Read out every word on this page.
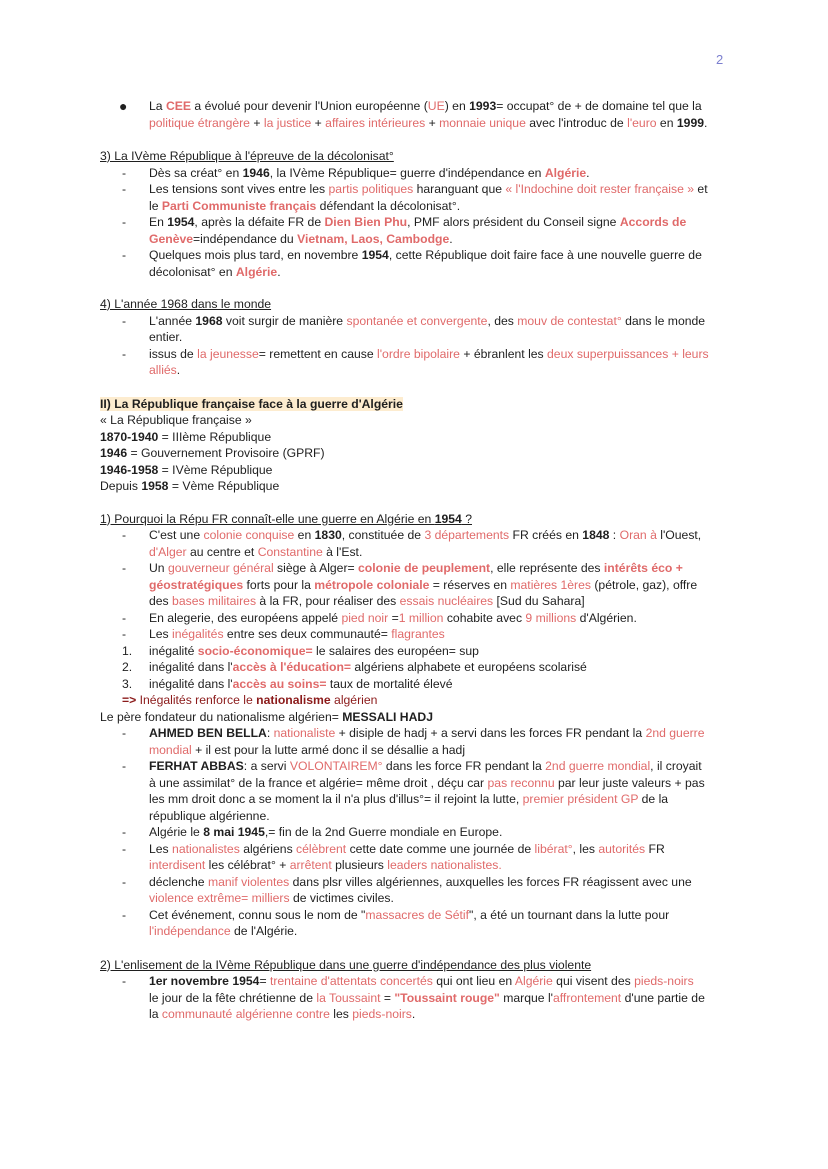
2
● La CEE a évolué pour devenir l'Union européenne (UE) en 1993= occupat° de + de domaine tel que la

politique étrangère + la justice + affaires intérieures + monnaie unique avec l'introduc de l'euro en 1999.

3) La IVème République à l'épreuve de la décolonisat°

- Dès sa créat° en 1946, la IVème République= guerre d'indépendance en Algérie.

- Les tensions sont vives entre les partis politiques haranguant que « l'Indochine doit rester française » et

le Parti Communiste français défendant la décolonisat°.

- En 1954, après la défaite FR de Dien Bien Phu, PMF alors président du Conseil signe Accords de

Genève=indépendance du Vietnam, Laos, Cambodge.

- Quelques mois plus tard, en novembre 1954, cette République doit faire face à une nouvelle guerre de

décolonisat° en Algérie.

4) L'année 1968 dans le monde

- L'année 1968 voit surgir de manière spontanée et convergente, des mouv de contestat° dans le monde

entier.

- issus de la jeunesse= remettent en cause l'ordre bipolaire + ébranlent les deux superpuissances + leurs

alliés.

II) La République française face à la guerre d'Algérie

« La République française »

1870-1940 = IIIème République

1946 = Gouvernement Provisoire (GPRF)

1946-1958 = IVème République

Depuis 1958 = Vème République

1) Pourquoi la Répu FR connaît-elle une guerre en Algérie en 1954 ?

- C'est une colonie conquise en 1830, constituée de 3 départements FR créés en 1848 : Oran à l'Ouest,

d'Alger au centre et Constantine à l'Est.

- Un gouverneur général siège à Alger= colonie de peuplement, elle représente des intérêts éco +

géostratégiques forts pour la métropole coloniale = réserves en matières 1ères (pétrole, gaz), offre

des bases militaires à la FR, pour réaliser des essais nucléaires [Sud du Sahara]

- En alegerie, des européens appelé pied noir =1 million cohabite avec 9 millions d'Algérien.

- Les inégalités entre ses deux communauté= flagrantes

1. inégalité socio-économique= le salaires des européen= sup

2. inégalité dans l'accès à l'éducation= algériens alphabete et européens scolarisé

3. inégalité dans l'accès au soins= taux de mortalité élevé

=> Inégalités renforce le nationalisme algérien

Le père fondateur du nationalisme algérien= MESSALI HADJ

- AHMED BEN BELLA: nationaliste + disiple de hadj + a servi dans les forces FR pendant la 2nd guerre

mondial + il est pour la lutte armé donc il se désallie a hadj

- FERHAT ABBAS: a servi VOLONTAIREM° dans les force FR pendant la 2nd guerre mondial, il croyait

à une assimilat° de la france et algérie= même droit , déçu car pas reconnu par leur juste valeurs + pas

les mm droit donc a se moment la il n'a plus d'illus°= il rejoint la lutte, premier président GP de la

république algérienne.

- Algérie le 8 mai 1945,= fin de la 2nd Guerre mondiale en Europe.

- Les nationalistes algériens célèbrent cette date comme une journée de libérat°, les autorités FR

interdisent les célébrat° + arrêtent plusieurs leaders nationalistes.

- déclenche manif violentes dans plsr villes algériennes, auxquelles les forces FR réagissent avec une

violence extrême= milliers de victimes civiles.

- Cet événement, connu sous le nom de "massacres de Sétif", a été un tournant dans la lutte pour

l'indépendance de l'Algérie.

2) L'enlisement de la IVème République dans une guerre d'indépendance des plus violente

- 1er novembre 1954= trentaine d'attentats concertés qui ont lieu en Algérie qui visent des pieds-noirs

le jour de la fête chrétienne de la Toussaint = "Toussaint rouge" marque l'affrontement d'une partie de

la communauté algérienne contre les pieds-noirs.
